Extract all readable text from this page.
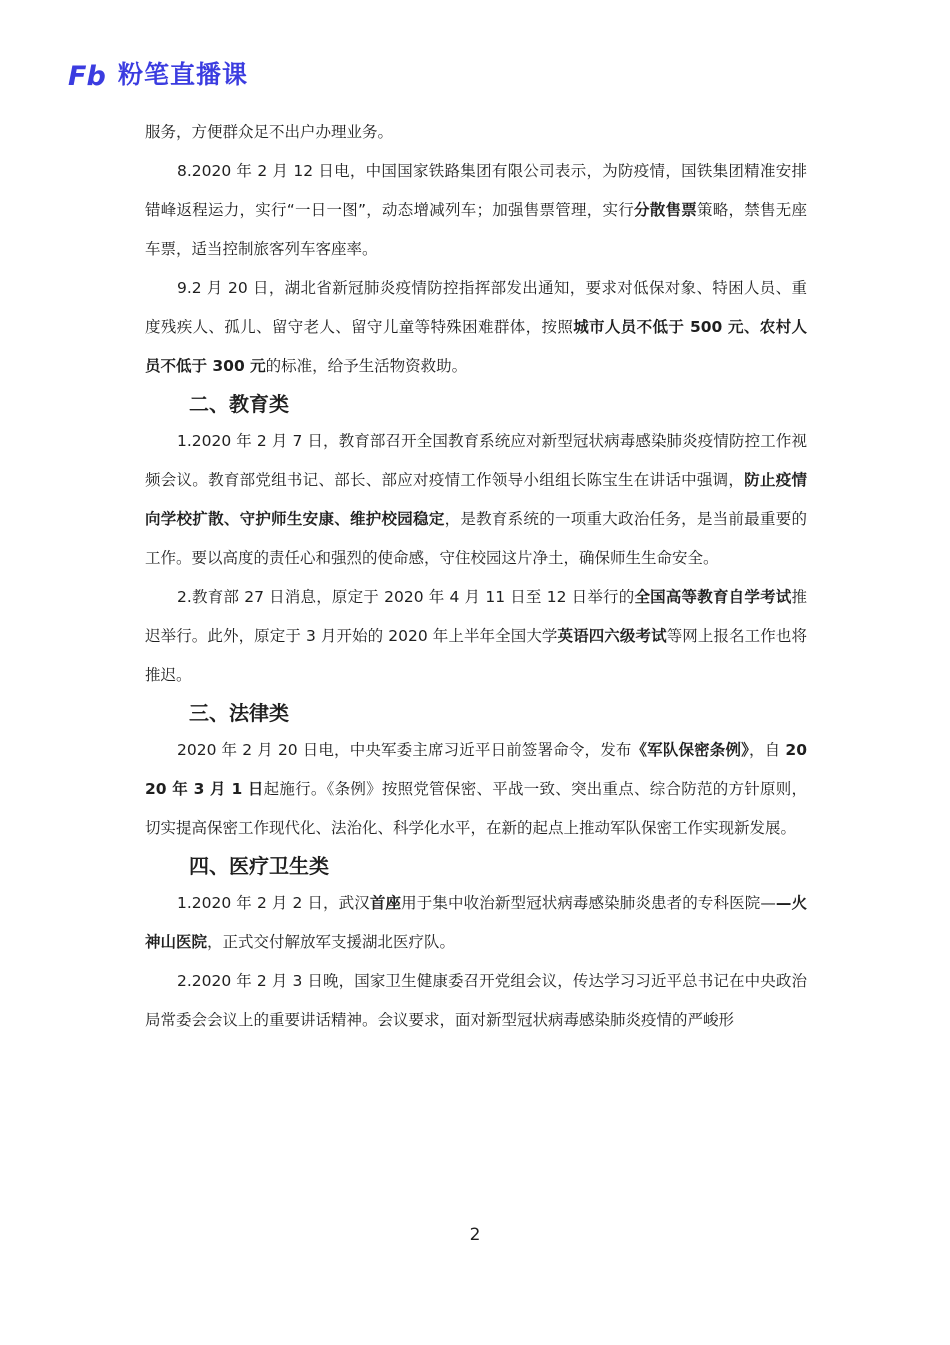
Fb 粉笔直播课

服务，方便群众足不出户办理业务。

8.2020 年 2 月 12 日电，中国国家铁路集团有限公司表示，为防疫情，国铁集团精准安排错峰返程运力，实行“一日一图”，动态增减列车；加强售票管理，实行分散售票策略，禁售无座车票，适当控制旅客列车客座率。

9.2 月 20 日，湖北省新冠肺炎疫情防控指挥部发出通知，要求对低保对象、特困人员、重度残疾人、孤儿、留守老人、留守儿童等特殊困难群体，按照城市人员不低于 500 元、农村人员不低于 300 元的标准，给予生活物资救助。

二、教育类

1.2020 年 2 月 7 日，教育部召开全国教育系统应对新型冠状病毒感染肺炎疫情防控工作视频会议。教育部党组书记、部长、部应对疫情工作领导小组组长陈宝生在讲话中强调，防止疫情向学校扩散、守护师生安康、维护校园稳定，是教育系统的一项重大政治任务，是当前最重要的工作。要以高度的责任心和强烈的使命感，守住校园这片净土，确保师生生命安全。

2.教育部 27 日消息，原定于 2020 年 4 月 11 日至 12 日举行的全国高等教育自学考试推迟举行。此外，原定于 3 月开始的 2020 年上半年全国大学英语四六级考试等网上报名工作也将推迟。

三、法律类

2020 年 2 月 20 日电，中央军委主席习近平日前签署命令，发布《军队保密条例》，自 2020 年 3 月 1 日起施行。《条例》按照党管保密、平战一致、突出重点、综合防范的方针原则，切实提高保密工作现代化、法治化、科学化水平，在新的起点上推动军队保密工作实现新发展。

四、医疗卫生类

1.2020 年 2 月 2 日，武汉首座用于集中收治新型冠状病毒感染肺炎患者的专科医院——火神山医院，正式交付解放军支援湖北医疗队。

2.2020 年 2 月 3 日晚，国家卫生健康委召开党组会议，传达学习习近平总书记在中央政治局常委会会议上的重要讲话精神。会议要求，面对新型冠状病毒感染肺炎疫情的严峻形

2
